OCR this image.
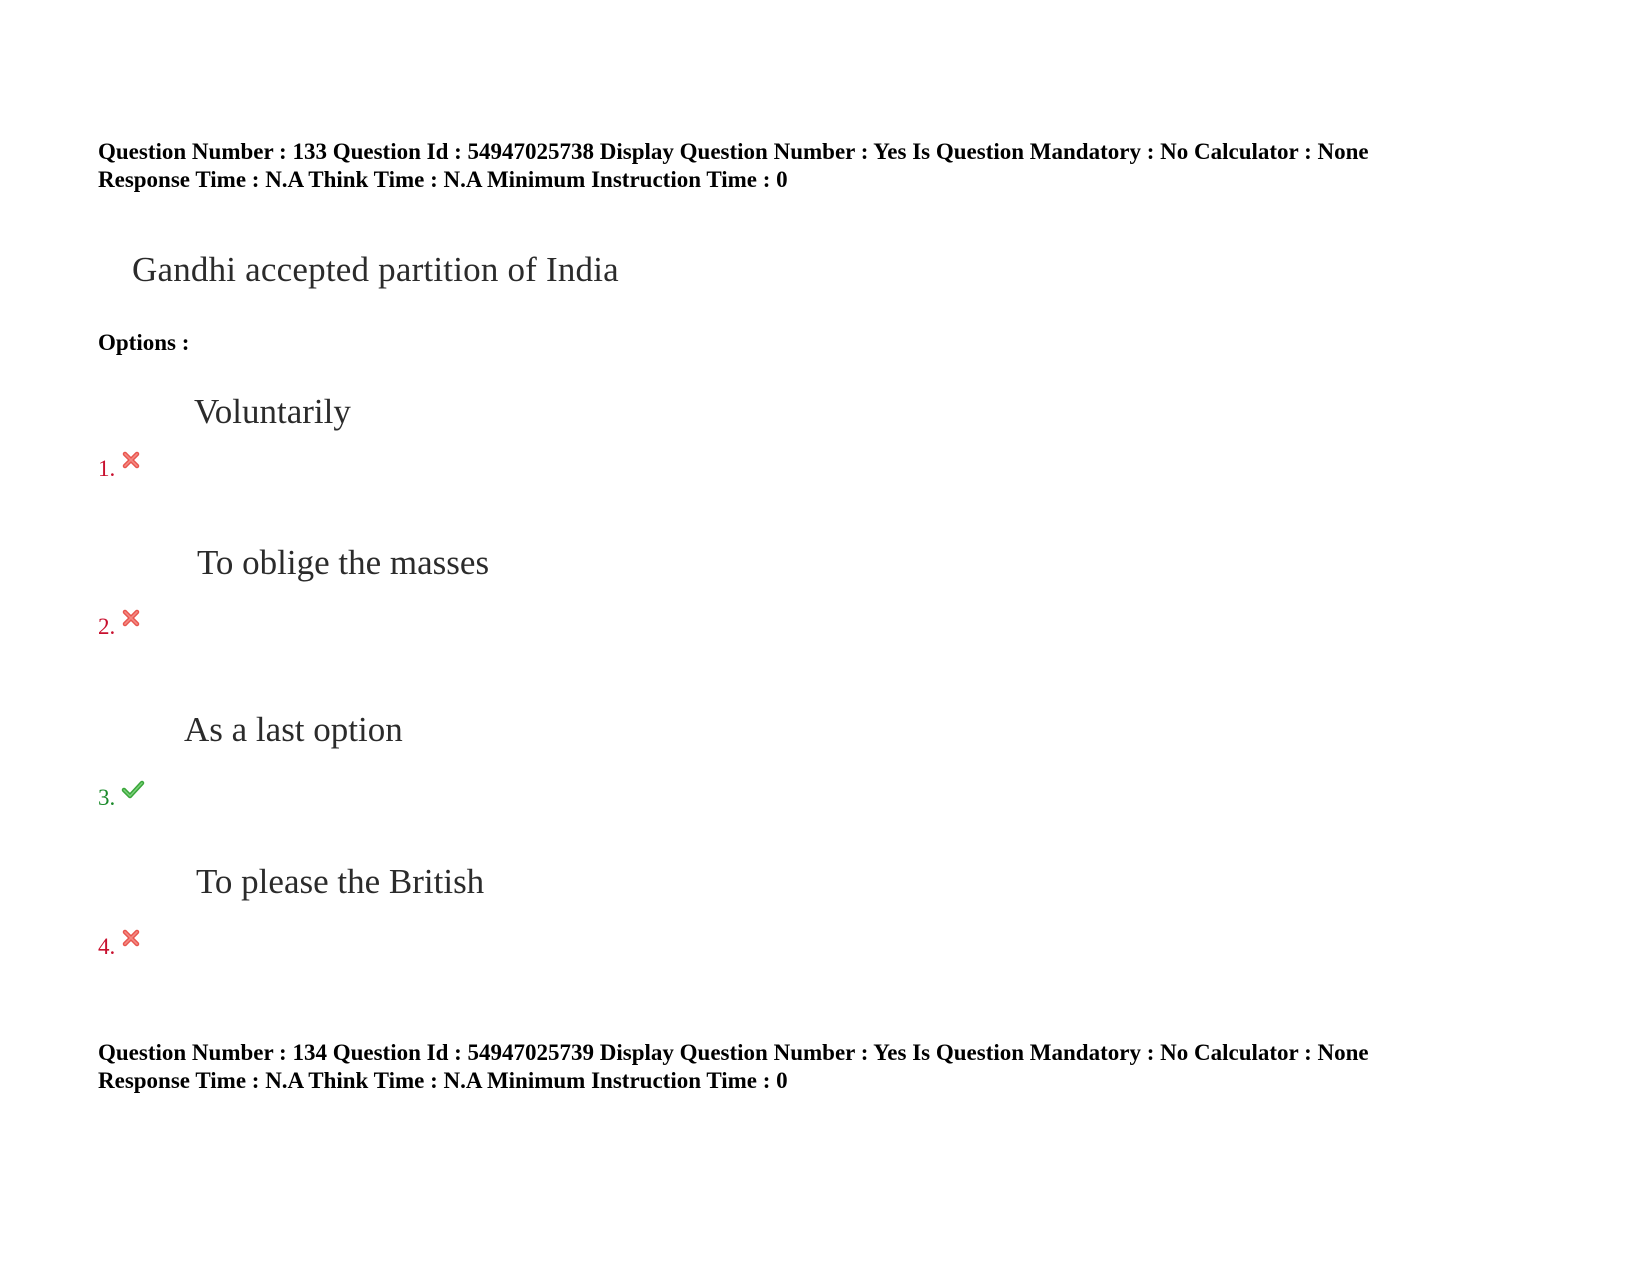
Question Number : 133 Question Id : 54947025738 Display Question Number : Yes Is Question Mandatory : No Calculator : None
Response Time : N.A Think Time : N.A Minimum Instruction Time : 0
Gandhi accepted partition of India
Options :
Voluntarily
1.
To oblige the masses
2.
As a last option
3.
To please the British
4.
Question Number : 134 Question Id : 54947025739 Display Question Number : Yes Is Question Mandatory : No Calculator : None
Response Time : N.A Think Time : N.A Minimum Instruction Time : 0
